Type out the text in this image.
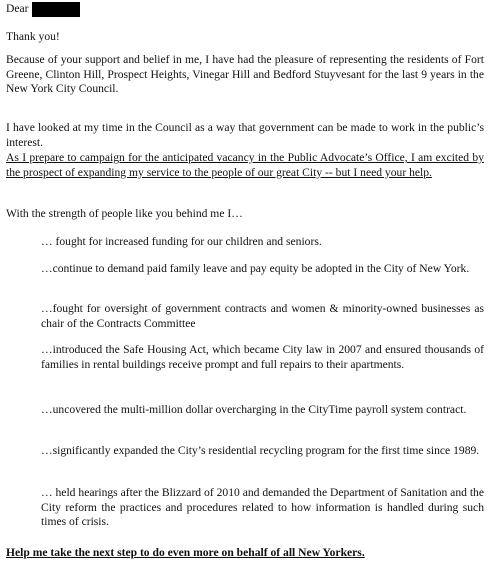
Dear

Thank you!

Because of your support and belief in me, I have had the pleasure of representing the residents of Fort Greene, Clinton Hill, Prospect Heights, Vinegar Hill and Bedford Stuyvesant for the last 9 years in the New York City Council.

I have looked at my time in the Council as a way that government can be made to work in the public’s interest.

As I prepare to campaign for the anticipated vacancy in the Public Advocate’s Office, I am excited by the prospect of expanding my service to the people of our great City -- but I need your help.

With the strength of people like you behind me I…

… fought for increased funding for our children and seniors.

…continue to demand paid family leave and pay equity be adopted in the City of New York.

…fought for oversight of government contracts and women & minority-owned businesses as chair of the Contracts Committee

…introduced the Safe Housing Act, which became City law in 2007 and ensured thousands of families in rental buildings receive prompt and full repairs to their apartments.

…uncovered the multi-million dollar overcharging in the CityTime payroll system contract.

…significantly expanded the City’s residential recycling program for the first time since 1989.

… held hearings after the Blizzard of 2010 and demanded the Department of Sanitation and the City reform the practices and procedures related to how information is handled during such times of crisis.

Help me take the next step to do even more on behalf of all New Yorkers.
